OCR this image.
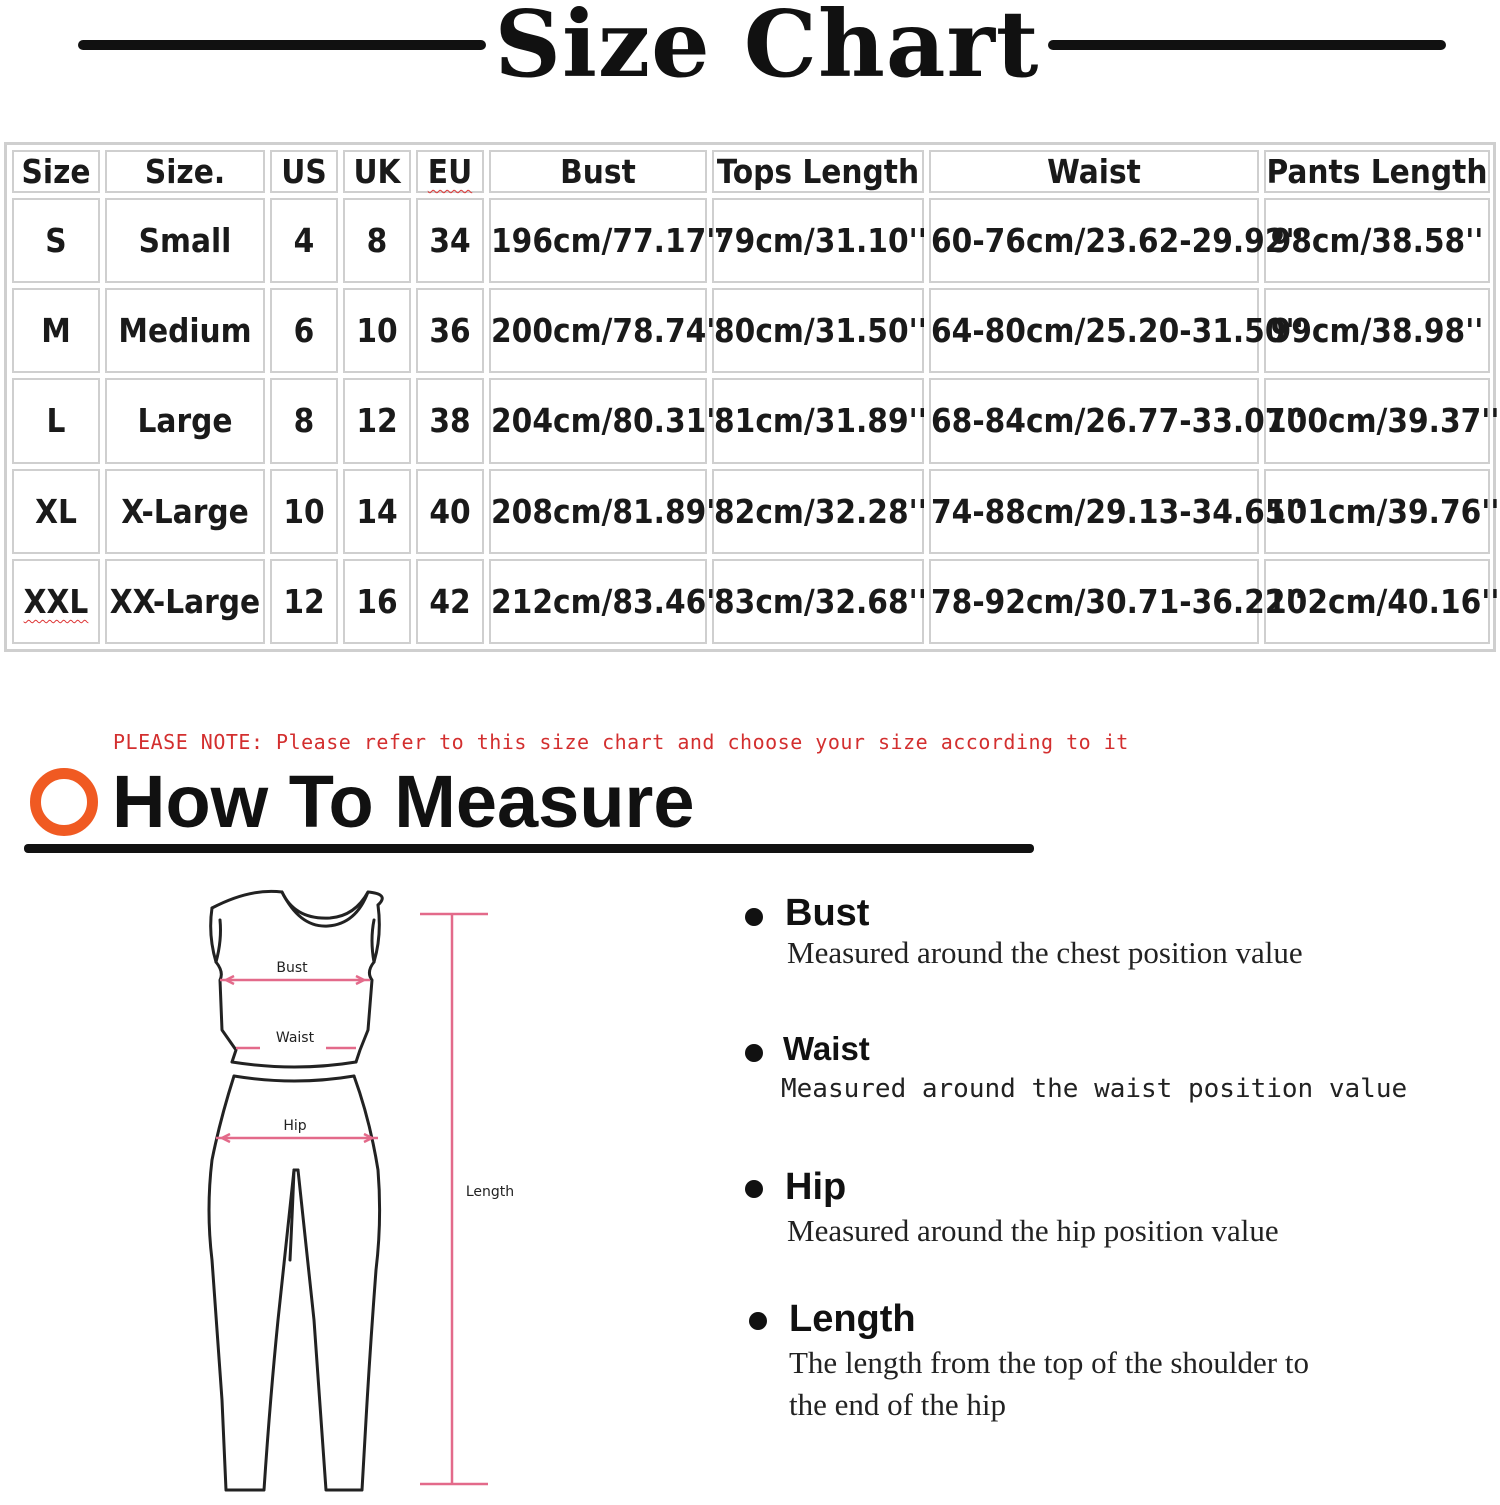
Size Chart
Size	Size.	US	UK	EU	Bust	Tops Length	Waist	Pants Length
S	Small	4	8	34	196cm/77.17''	79cm/31.10''	60-76cm/23.62-29.92''	98cm/38.58''
M	Medium	6	10	36	200cm/78.74''	80cm/31.50''	64-80cm/25.20-31.50''	99cm/38.98''
L	Large	8	12	38	204cm/80.31''	81cm/31.89''	68-84cm/26.77-33.07''	100cm/39.37''
XL	X-Large	10	14	40	208cm/81.89''	82cm/32.28''	74-88cm/29.13-34.65''	101cm/39.76''
XXL	XX-Large	12	16	42	212cm/83.46''	83cm/32.68''	78-92cm/30.71-36.22''	102cm/40.16''
PLEASE NOTE: Please refer to this size chart and choose your size according to it
How To Measure
Bust
Waist
Hip
Length
Bust
Measured around the chest position value
Waist
Measured around the waist position value
Hip
Measured around the hip position value
Length
The length from the top of the shoulder to
the end of the hip
